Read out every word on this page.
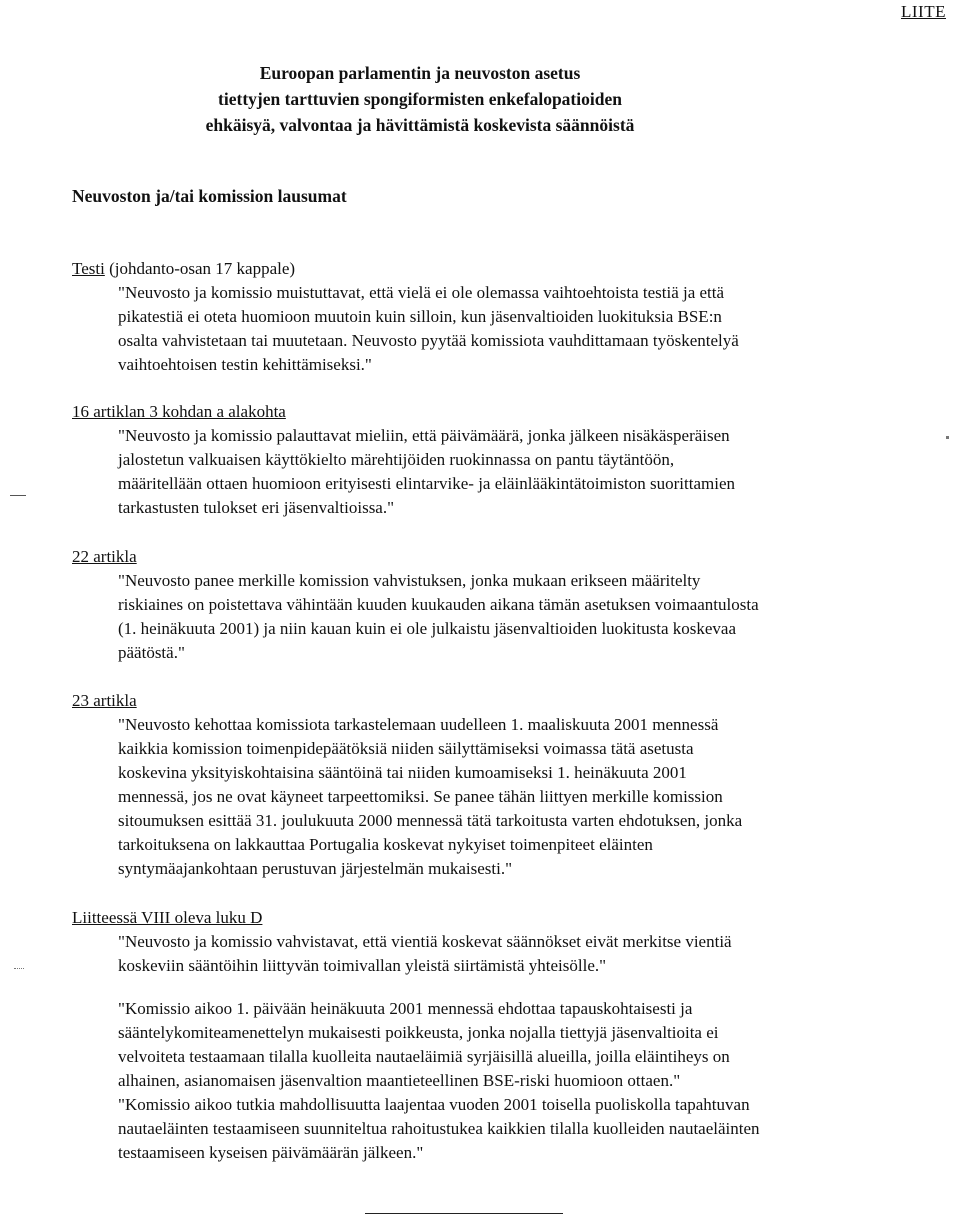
LIITE
Euroopan parlamentin ja neuvoston asetus
tiettyjen tarttuvien spongiformisten enkefalopatioiden
ehkäisyä, valvontaa ja hävittämistä koskevista säännöistä
Neuvoston ja/tai komission lausumat
Testi (johdanto-osan 17 kappale)
"Neuvosto ja komissio muistuttavat, että vielä ei ole olemassa vaihtoehtoista testiä ja että
pikatestiä ei oteta huomioon muutoin kuin silloin, kun jäsenvaltioiden luokituksia BSE:n
osalta vahvistetaan tai muutetaan. Neuvosto pyytää komissiota vauhdittamaan työskentelyä
vaihtoehtoisen testin kehittämiseksi."
16 artiklan 3 kohdan a alakohta
"Neuvosto ja komissio palauttavat mieliin, että päivämäärä, jonka jälkeen nisäkäsperäisen
jalostetun valkuaisen käyttökielto märehtijöiden ruokinnassa on pantu täytäntöön,
määritellään ottaen huomioon erityisesti elintarvike- ja eläinlääkintätoimiston suorittamien
tarkastusten tulokset eri jäsenvaltioissa."
22 artikla
"Neuvosto panee merkille komission vahvistuksen, jonka mukaan erikseen määritelty
riskiaines on poistettava vähintään kuuden kuukauden aikana tämän asetuksen voimaantulosta
(1. heinäkuuta 2001) ja niin kauan kuin ei ole julkaistu jäsenvaltioiden luokitusta koskevaa
päätöstä."
23 artikla
"Neuvosto kehottaa komissiota tarkastelemaan uudelleen 1. maaliskuuta 2001 mennessä
kaikkia komission toimenpidepäätöksiä niiden säilyttämiseksi voimassa tätä asetusta
koskevina yksityiskohtaisina sääntöinä tai niiden kumoamiseksi 1. heinäkuuta 2001
mennessä, jos ne ovat käyneet tarpeettomiksi. Se panee tähän liittyen merkille komission
sitoumuksen esittää 31. joulukuuta 2000 mennessä tätä tarkoitusta varten ehdotuksen, jonka
tarkoituksena on lakkauttaa Portugalia koskevat nykyiset toimenpiteet eläinten
syntymäajankohtaan perustuvan järjestelmän mukaisesti."
Liitteessä VIII oleva luku D
"Neuvosto ja komissio vahvistavat, että vientiä koskevat säännökset eivät merkitse vientiä
koskeviin sääntöihin liittyvän toimivallan yleistä siirtämistä yhteisölle."
"Komissio aikoo 1. päivään heinäkuuta 2001 mennessä ehdottaa tapauskohtaisesti ja
sääntelykomiteamenettelyn mukaisesti poikkeusta, jonka nojalla tiettyjä jäsenvaltioita ei
velvoiteta testaamaan tilalla kuolleita nautaeläimiä syrjäisillä alueilla, joilla eläintiheys on
alhainen, asianomaisen jäsenvaltion maantieteellinen BSE-riski huomioon ottaen."
"Komissio aikoo tutkia mahdollisuutta laajentaa vuoden 2001 toisella puoliskolla tapahtuvan
nautaeläinten testaamiseen suunniteltua rahoitustukea kaikkien tilalla kuolleiden nautaeläinten
testaamiseen kyseisen päivämäärän jälkeen."
